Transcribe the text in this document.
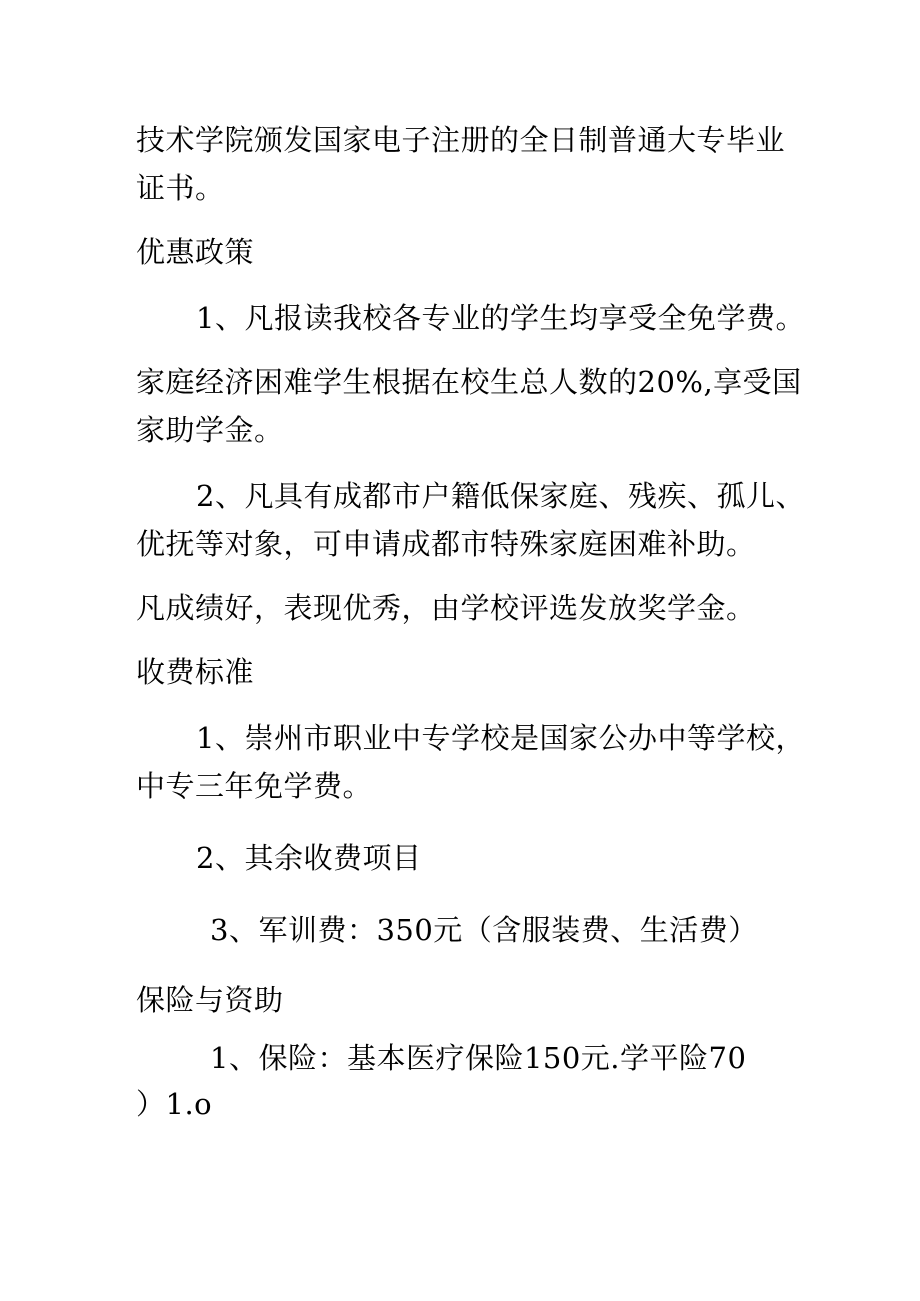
技术学院颁发国家电子注册的全日制普通大专毕业
证书。
优惠政策
1、凡报读我校各专业的学生均享受全免学费。
家庭经济困难学生根据在校生总人数的20%,享受国
家助学金。
2、凡具有成都市户籍低保家庭、残疾、孤儿、
优抚等对象，可申请成都市特殊家庭困难补助。
凡成绩好，表现优秀，由学校评选发放奖学金。
收费标准
1、崇州市职业中专学校是国家公办中等学校，
中专三年免学费。
2、其余收费项目
3、军训费：350元（含服装费、生活费）
保险与资助
1、保险：基本医疗保险150元.学平险70
）1.o
